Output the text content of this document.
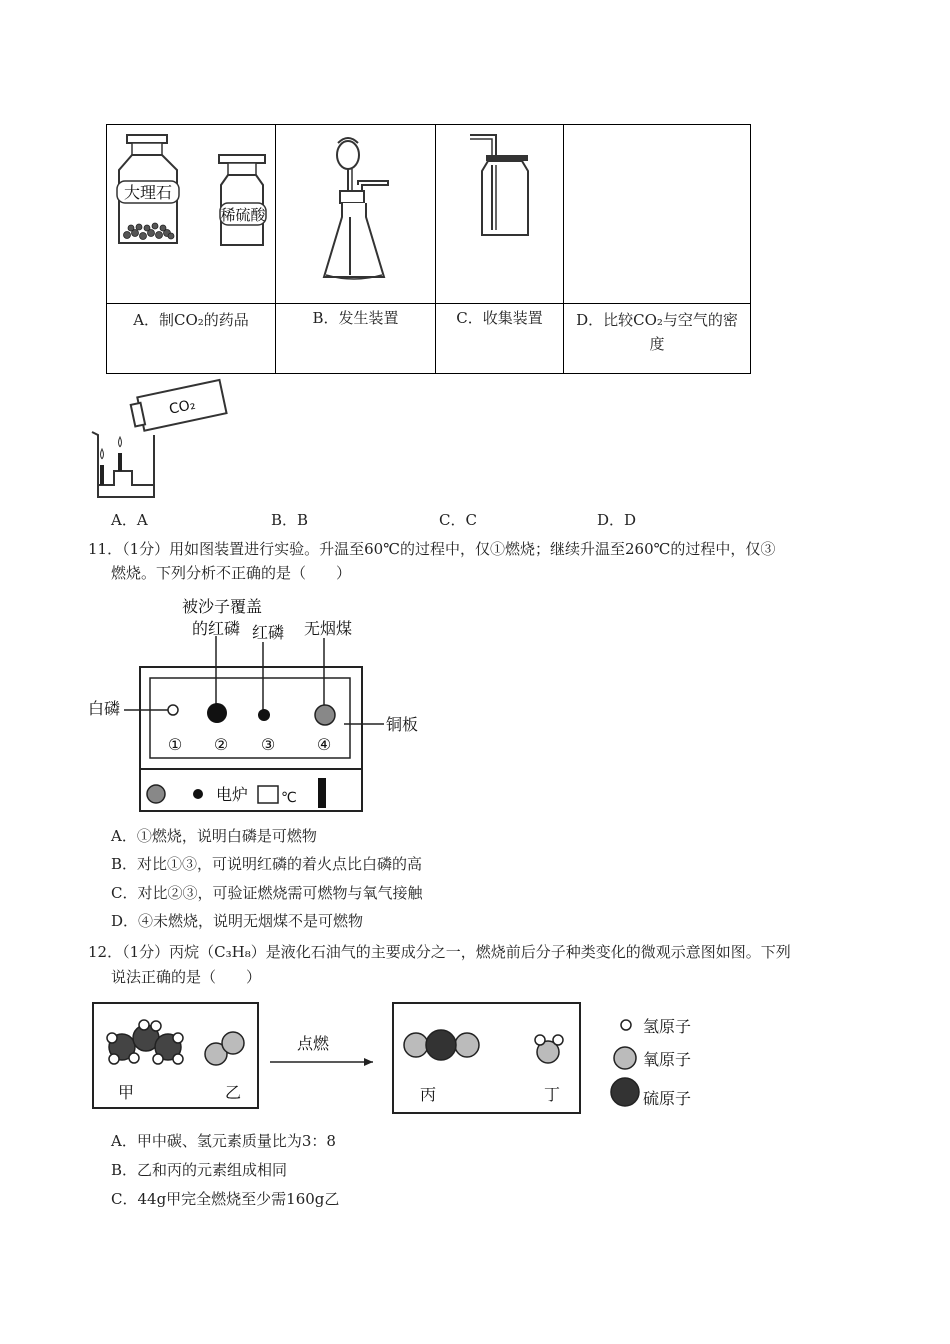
大理石
稀硫酸

A．制CO₂的药品	B．发生装置	C．收集装置	D．比较CO₂与空气的密度
CO₂
A．A	B．B	C．C	D．D
11．（1分）用如图装置进行实验。升温至60℃的过程中，仅①燃烧；继续升温至260℃的过程中，仅③
燃烧。下列分析不正确的是（　　）
被沙子覆盖
的红磷 红磷 无烟煤
白磷
铜板
① ② ③	④
电炉 ℃
A．①燃烧，说明白磷是可燃物
B．对比①③，可说明红磷的着火点比白磷的高
C．对比②③，可验证燃烧需可燃物与氧气接触
D．④未燃烧，说明无烟煤不是可燃物
12．（1分）丙烷（C₃H₈）是液化石油气的主要成分之一，燃烧前后分子种类变化的微观示意图如图。下列
说法正确的是（　　）
甲	乙
点燃
丙	丁
氢原子
氧原子
硫原子
A．甲中碳、氢元素质量比为3：8
B．乙和丙的元素组成相同
C．44g甲完全燃烧至少需160g乙
